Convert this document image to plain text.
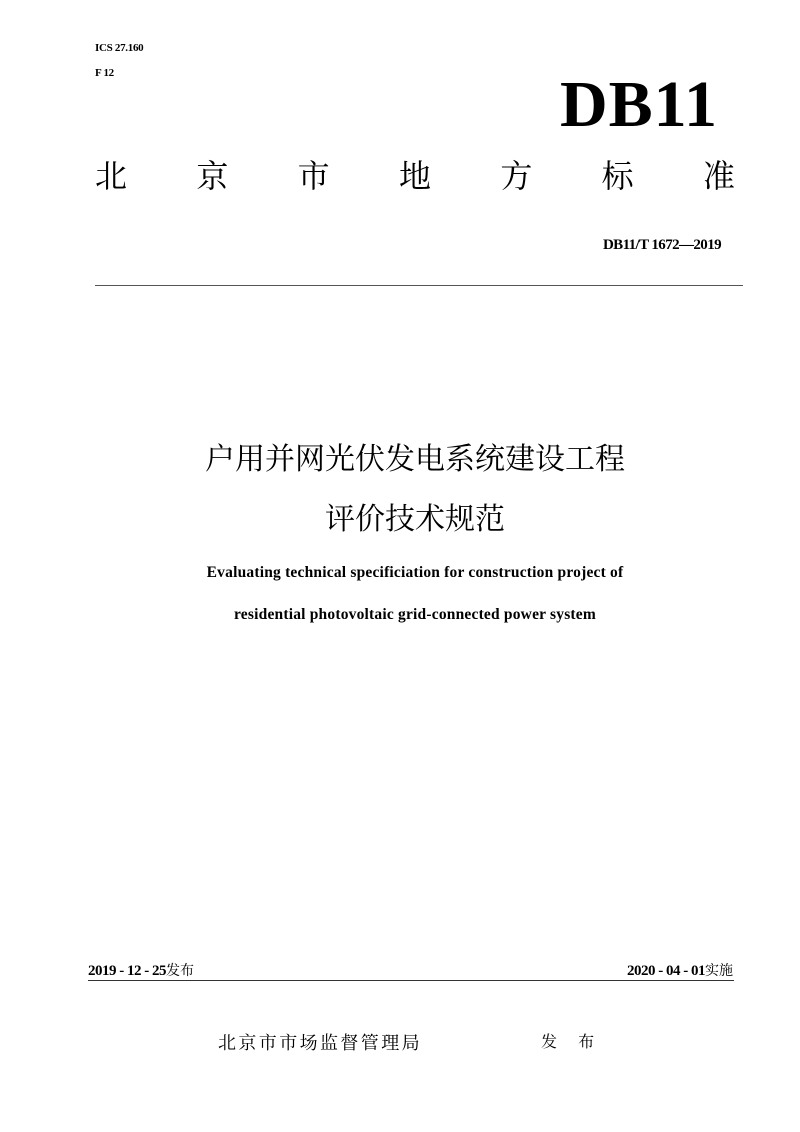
ICS 27.160
F 12	DB11
北 京 市 地 方 标 准
DB11/T 1672—2019
户用并网光伏发电系统建设工程
评价技术规范
Evaluating technical specificiation for construction project of
residential photovoltaic grid-connected power system
2019 - 12 - 25发布	2020 - 04 - 01实施
北京市市场监督管理局	发 布
